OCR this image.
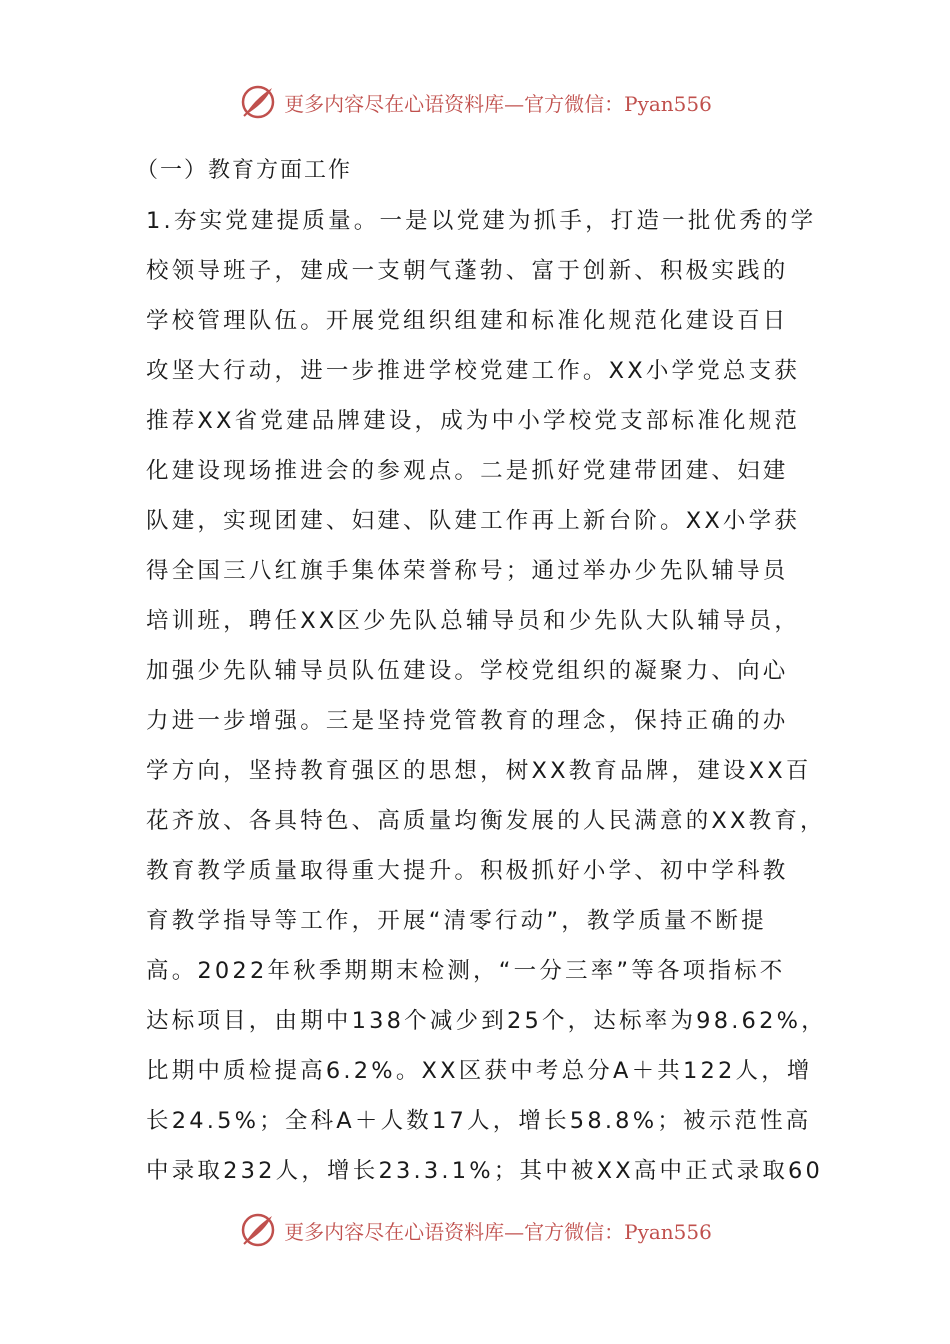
更多内容尽在心语资料库—官方微信：Pyan556
（一）教育方面工作
1.夯实党建提质量。一是以党建为抓手，打造一批优秀的学
校领导班子，建成一支朝气蓬勃、富于创新、积极实践的
学校管理队伍。开展党组织组建和标准化规范化建设百日
攻坚大行动，进一步推进学校党建工作。XX小学党总支获
推荐XX省党建品牌建设，成为中小学校党支部标准化规范
化建设现场推进会的参观点。二是抓好党建带团建、妇建
队建，实现团建、妇建、队建工作再上新台阶。XX小学获
得全国三八红旗手集体荣誉称号；通过举办少先队辅导员
培训班，聘任XX区少先队总辅导员和少先队大队辅导员，
加强少先队辅导员队伍建设。学校党组织的凝聚力、向心
力进一步增强。三是坚持党管教育的理念，保持正确的办
学方向，坚持教育强区的思想，树XX教育品牌，建设XX百
花齐放、各具特色、高质量均衡发展的人民满意的XX教育，
教育教学质量取得重大提升。积极抓好小学、初中学科教
育教学指导等工作，开展“清零行动”，教学质量不断提
高。2022年秋季期期末检测，“一分三率”等各项指标不
达标项目，由期中138个减少到25个，达标率为98.62%，
比期中质检提高6.2%。XX区获中考总分A＋共122人，增
长24.5%；全科A＋人数17人，增长58.8%；被示范性高
中录取232人，增长23.3.1%；其中被XX高中正式录取60
更多内容尽在心语资料库—官方微信：Pyan556
